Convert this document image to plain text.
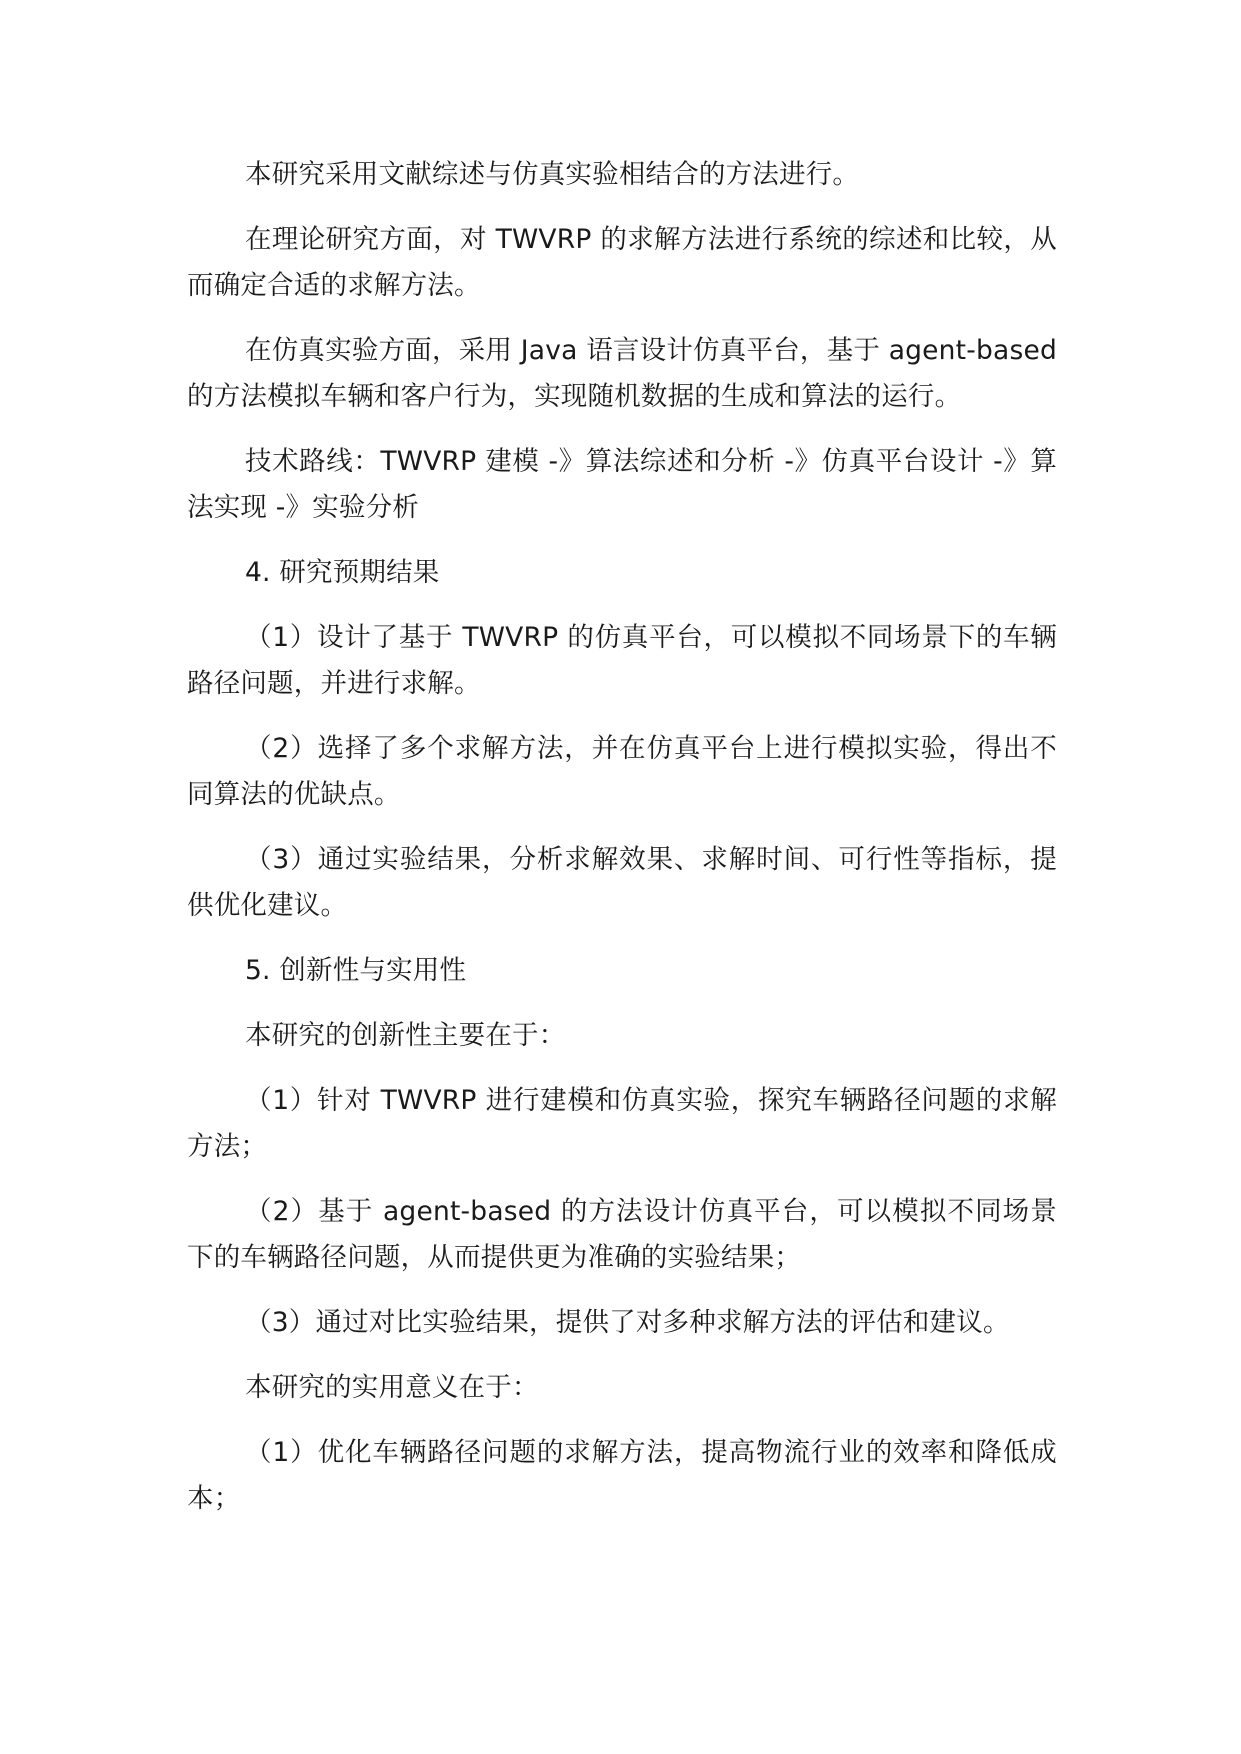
本研究采用文献综述与仿真实验相结合的方法进行。

在理论研究方面，对 TWVRP 的求解方法进行系统的综述和比较，从而确定合适的求解方法。

在仿真实验方面，采用 Java 语言设计仿真平台，基于 agent-based 的方法模拟车辆和客户行为，实现随机数据的生成和算法的运行。

技术路线：TWVRP 建模 -》算法综述和分析 -》仿真平台设计 -》算法实现 -》实验分析

4. 研究预期结果

（1）设计了基于 TWVRP 的仿真平台，可以模拟不同场景下的车辆路径问题，并进行求解。

（2）选择了多个求解方法，并在仿真平台上进行模拟实验，得出不同算法的优缺点。

（3）通过实验结果，分析求解效果、求解时间、可行性等指标，提供优化建议。

5. 创新性与实用性

本研究的创新性主要在于：

（1）针对 TWVRP 进行建模和仿真实验，探究车辆路径问题的求解方法；

（2）基于 agent-based 的方法设计仿真平台，可以模拟不同场景下的车辆路径问题，从而提供更为准确的实验结果；

（3）通过对比实验结果，提供了对多种求解方法的评估和建议。

本研究的实用意义在于：

（1）优化车辆路径问题的求解方法，提高物流行业的效率和降低成本；
